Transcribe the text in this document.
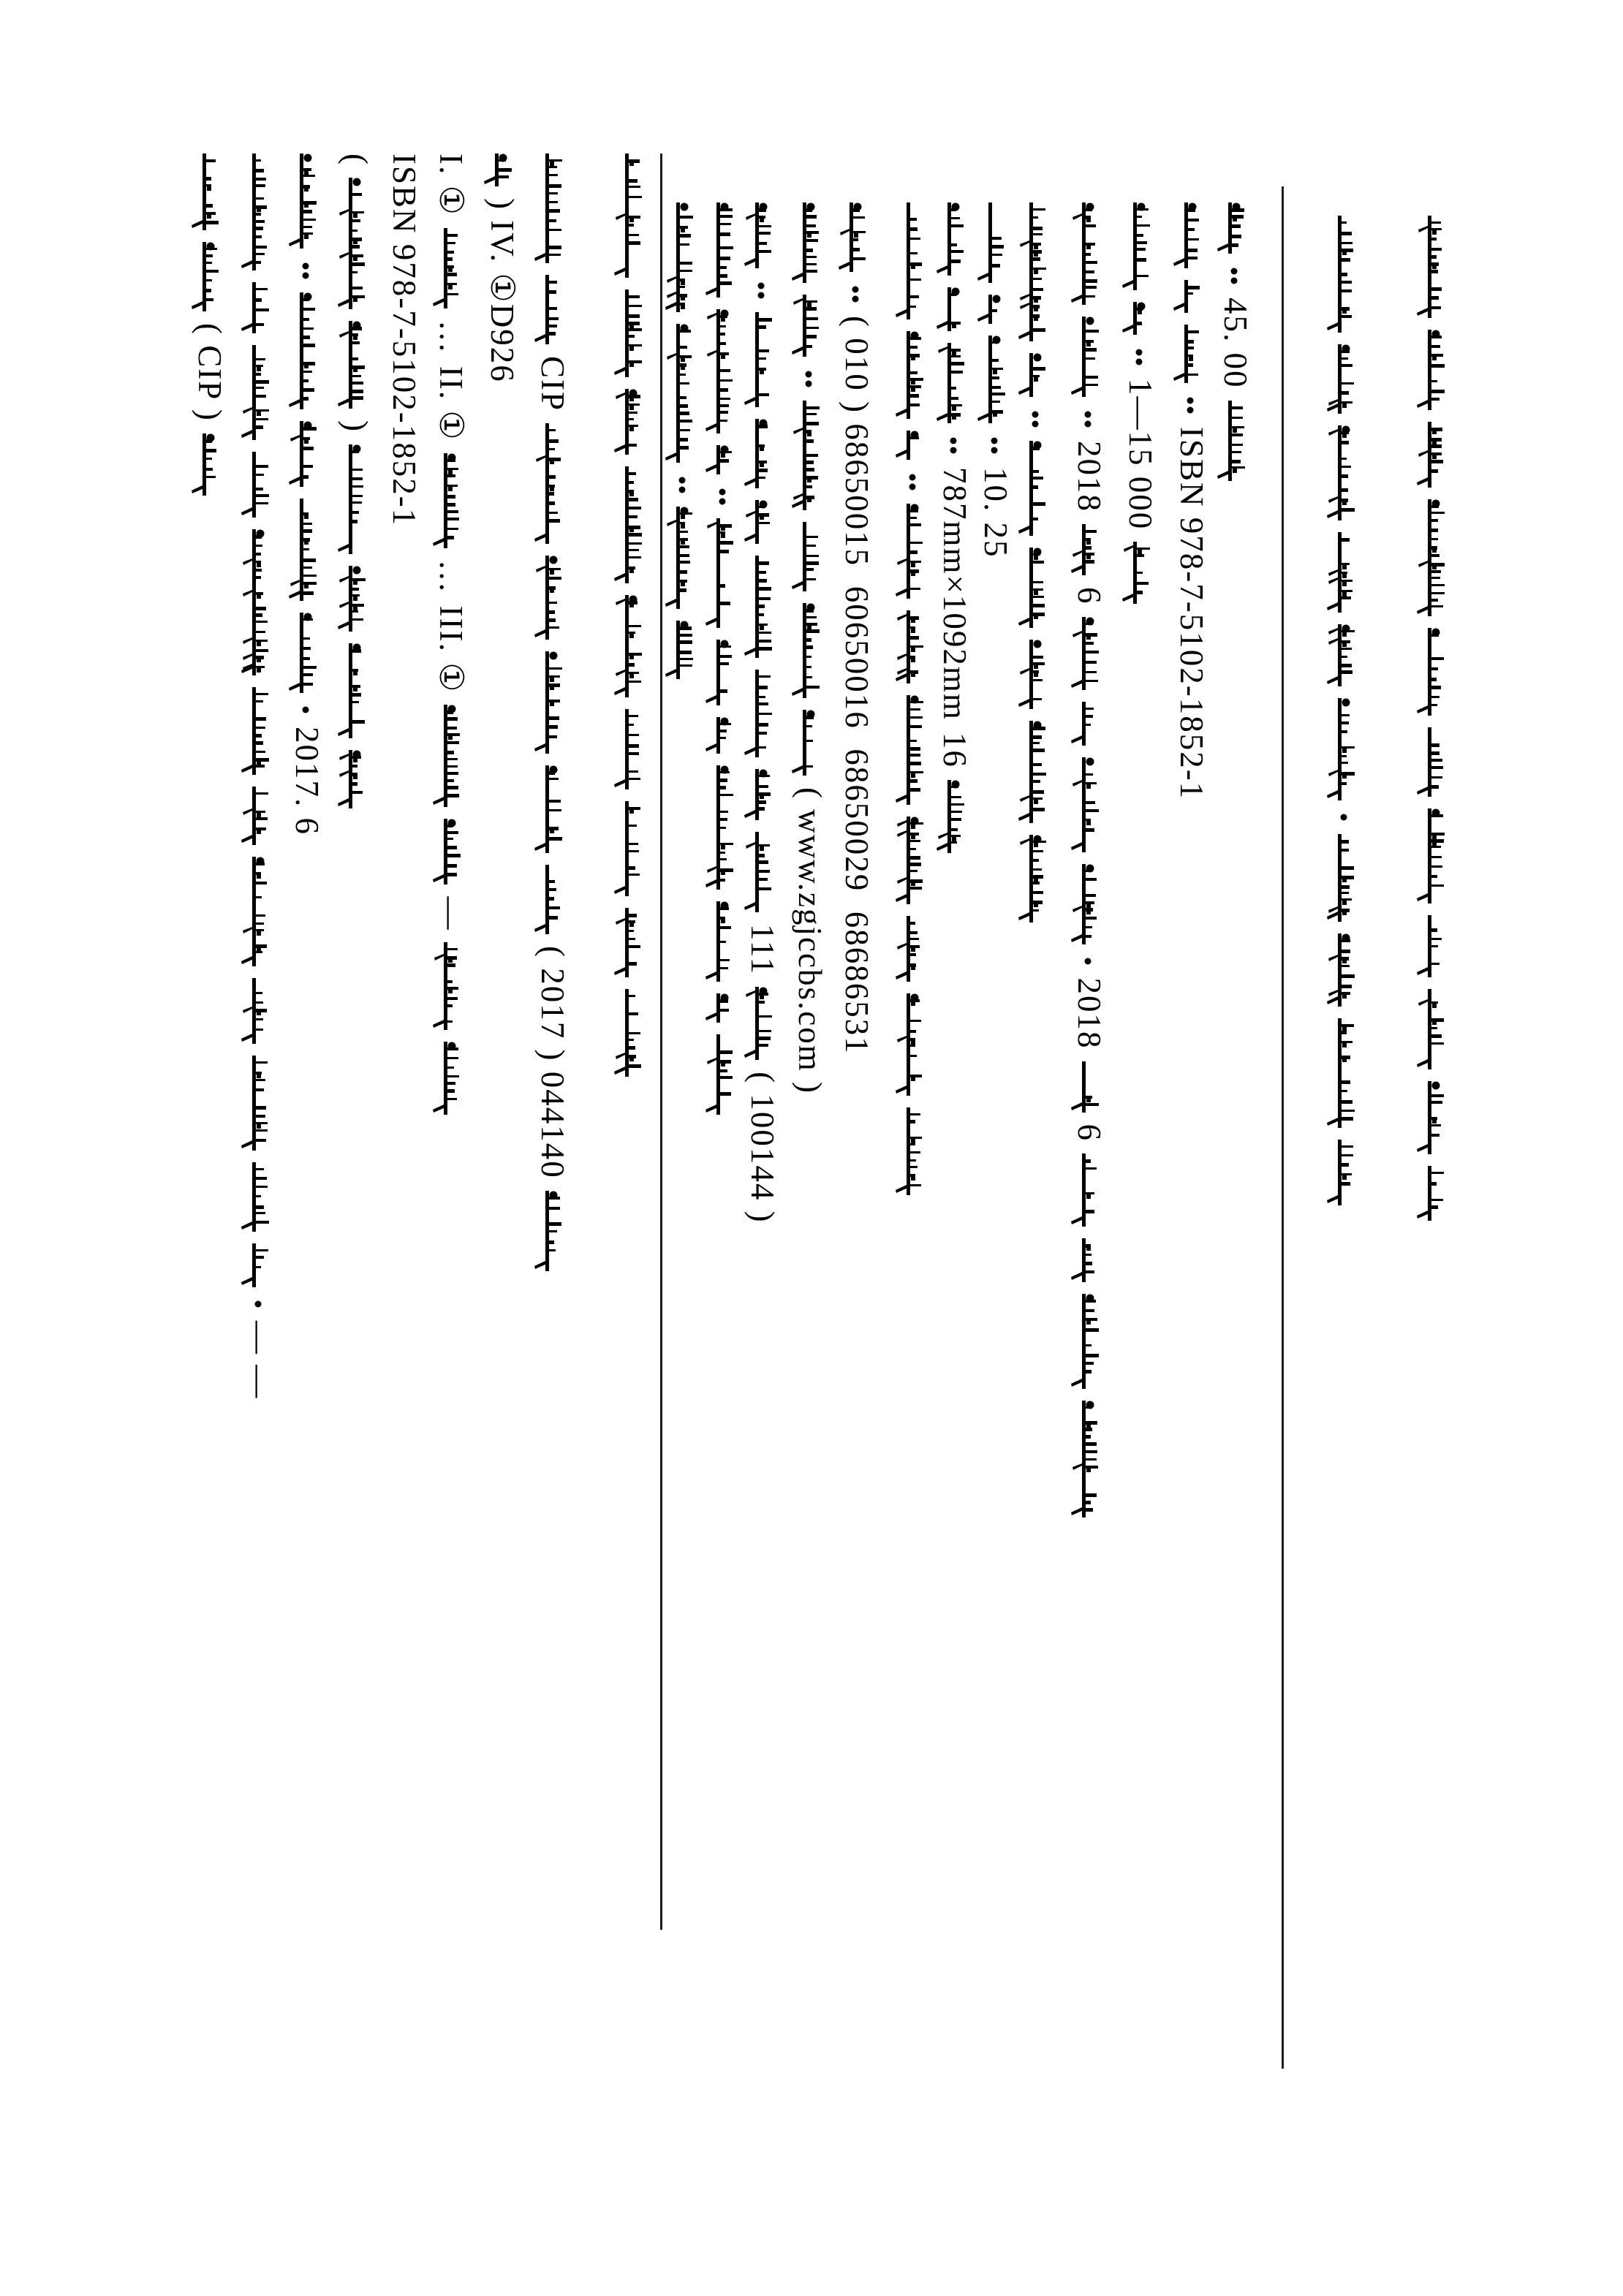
( CIP )
— —
2017. 6
(
) ISBN 978-7-5102-1852-1 I. ①
…
II. ①
…
III. ①
—
) IV. ①D926
CIP
( 2017 ) 044140	111
( 100144 )
( www.zgjccbs.com ) ( 010 ) 68650015  60650016  68650029  68686531 787mm×1092mm
16
10. 25 2018
6
2018
6
1—15 000 ISBN 978-7-5102-1852-1
45. 00
